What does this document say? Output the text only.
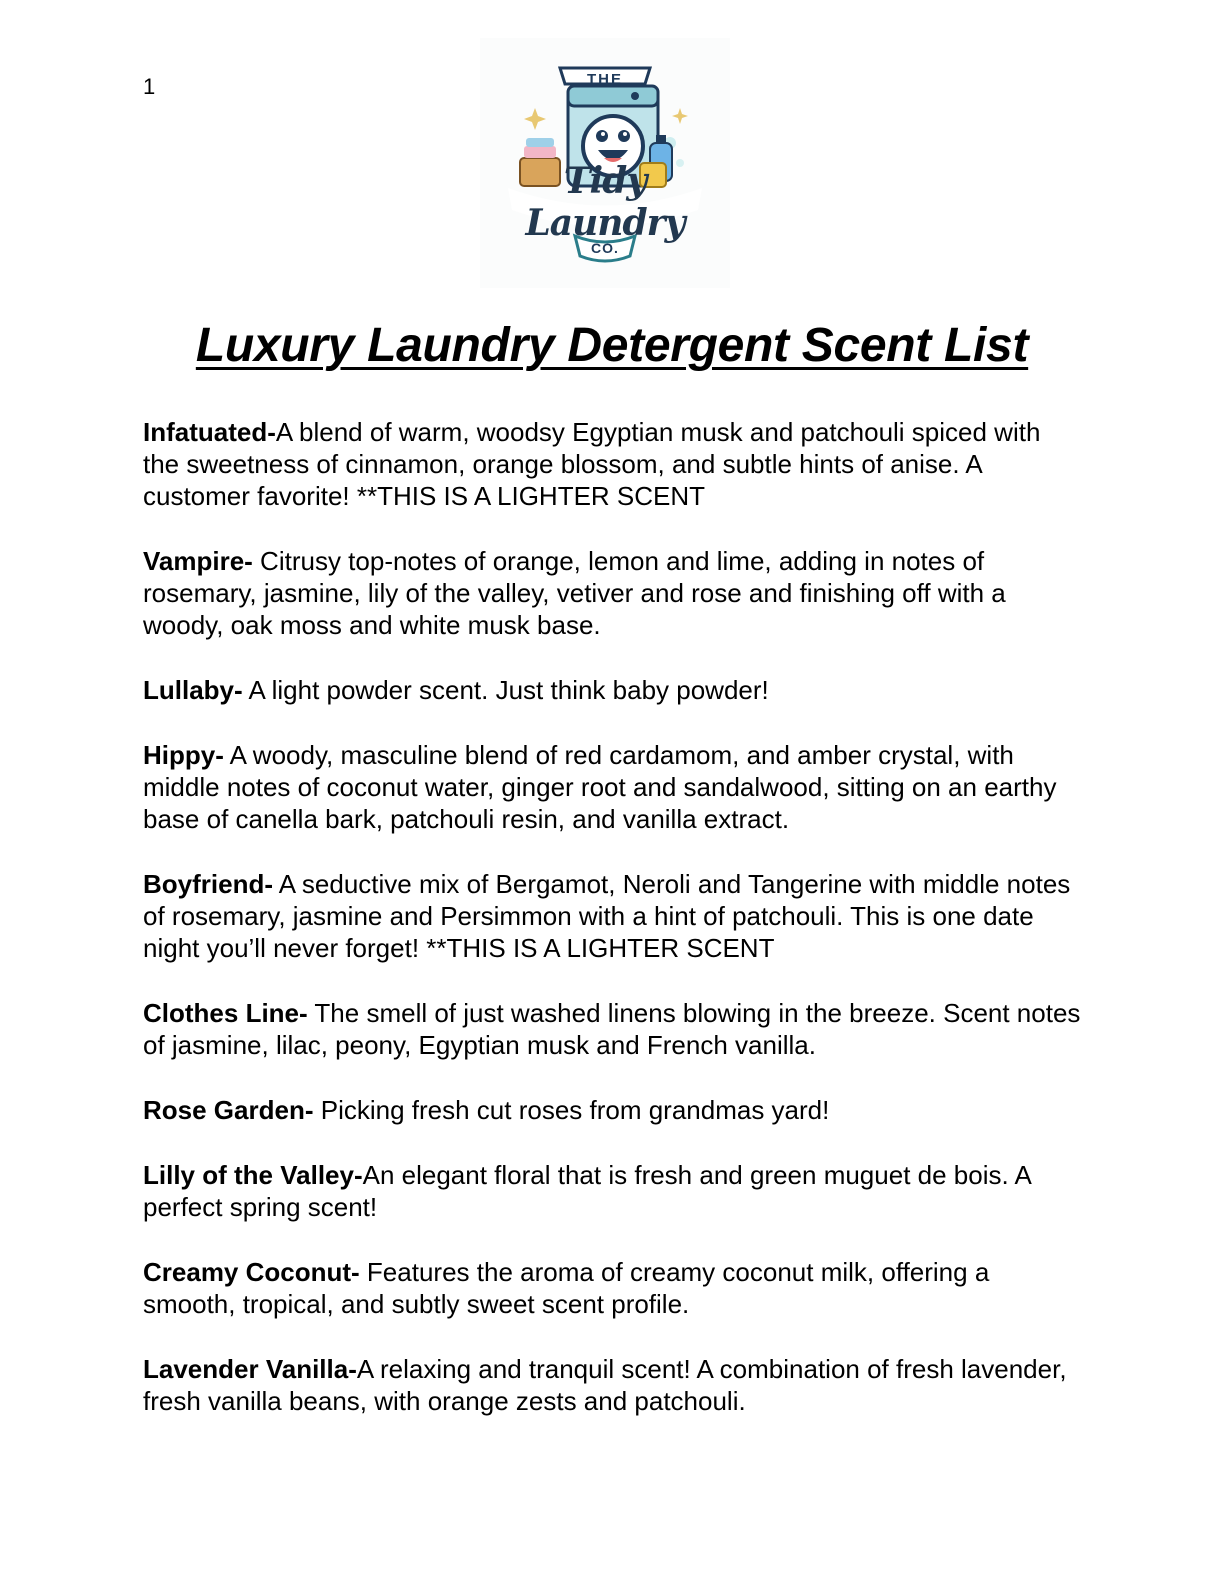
1	THE
Tidy Laundry
CO.
Luxury Laundry Detergent Scent List

Infatuated-A blend of warm, woodsy Egyptian musk and patchouli spiced with the sweetness of cinnamon, orange blossom, and subtle hints of anise. A customer favorite! **THIS IS A LIGHTER SCENT

Vampire- Citrusy top-notes of orange, lemon and lime, adding in notes of rosemary, jasmine, lily of the valley, vetiver and rose and finishing off with a woody, oak moss and white musk base.

Lullaby- A light powder scent. Just think baby powder!

Hippy- A woody, masculine blend of red cardamom, and amber crystal, with middle notes of coconut water, ginger root and sandalwood, sitting on an earthy base of canella bark, patchouli resin, and vanilla extract.

Boyfriend- A seductive mix of Bergamot, Neroli and Tangerine with middle notes of rosemary, jasmine and Persimmon with a hint of patchouli. This is one date night you’ll never forget! **THIS IS A LIGHTER SCENT

Clothes Line- The smell of just washed linens blowing in the breeze. Scent notes of jasmine, lilac, peony, Egyptian musk and French vanilla.

Rose Garden- Picking fresh cut roses from grandmas yard!

Lilly of the Valley-An elegant floral that is fresh and green muguet de bois. A perfect spring scent!

Creamy Coconut- Features the aroma of creamy coconut milk, offering a smooth, tropical, and subtly sweet scent profile.

Lavender Vanilla-A relaxing and tranquil scent! A combination of fresh lavender, fresh vanilla beans, with orange zests and patchouli.
